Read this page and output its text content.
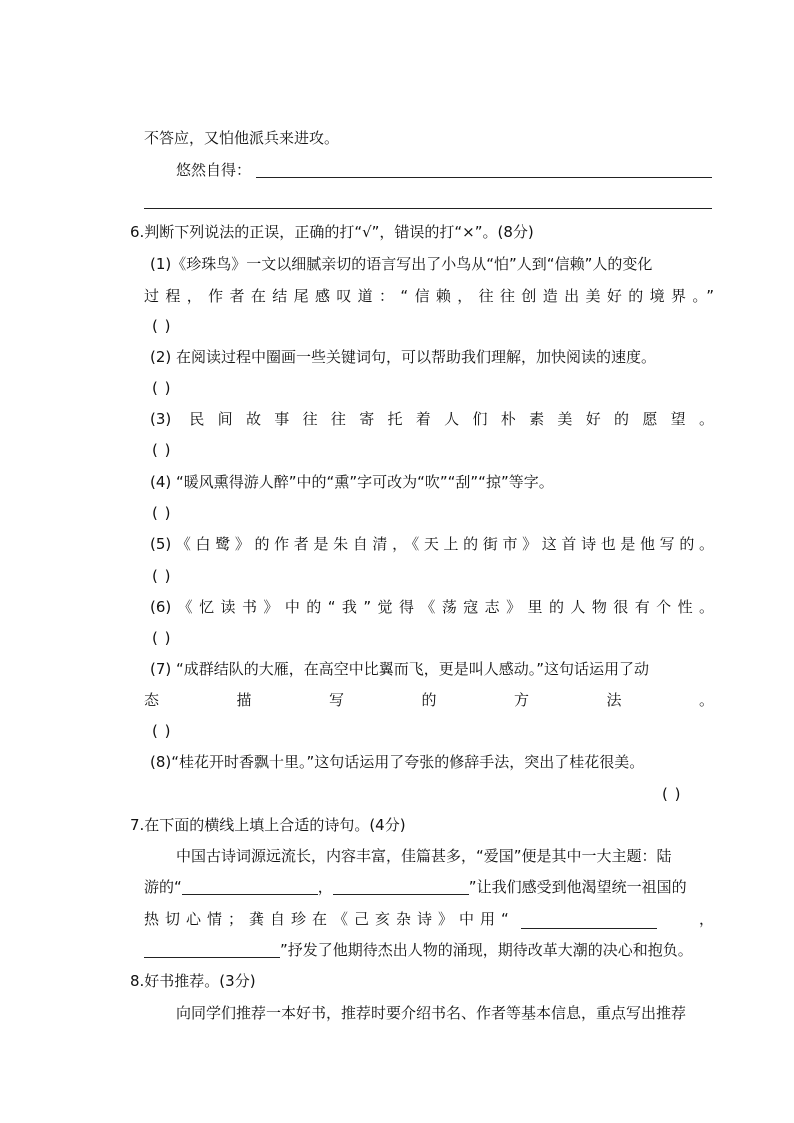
不答应，又怕他派兵来进攻。
悠然自得：
6.判断下列说法的正误，正确的打“√”，错误的打“×”。(8分)
(1)《珍珠鸟》一文以细腻亲切的语言写出了小鸟从“怕”人到“信赖”人的变化
过程，作者在结尾感叹道：“信赖，往往创造出美好的境界。”
( )
(2) 在阅读过程中圈画一些关键词句，可以帮助我们理解，加快阅读的速度。
( )
(3) 民间故事往往寄托着人们朴素美好的愿望。
( )
(4) “暖风熏得游人醉”中的“熏”字可改为“吹”“刮”“掠”等字。
( )
(5)《白鹭》的作者是朱自清，《天上的街市》这首诗也是他写的。
( )
(6)《忆读书》中的“我”觉得《荡寇志》里的人物很有个性。
( )
(7) “成群结队的大雁，在高空中比翼而飞，更是叫人感动。”这句话运用了动
态描写的方法。
( )
(8)“桂花开时香飘十里。”这句话运用了夸张的修辞手法，突出了桂花很美。
( )
7.在下面的横线上填上合适的诗句。(4分)
中国古诗词源远流长，内容丰富，佳篇甚多，“爱国”便是其中一大主题：陆
游的“	，	”让我们感受到他渴望统一祖国的
热切心情；龚自珍在《己亥杂诗》中用“	，
”抒发了他期待杰出人物的涌现，期待改革大潮的决心和抱负。
8.好书推荐。(3分)
向同学们推荐一本好书，推荐时要介绍书名、作者等基本信息，重点写出推荐
